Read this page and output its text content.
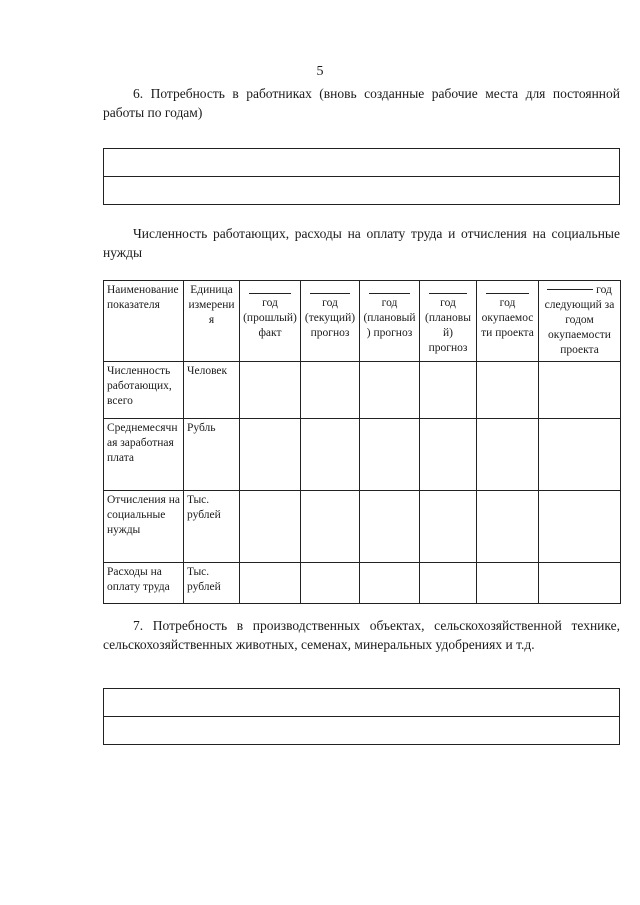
5

6. Потребность в работниках (вновь созданные рабочие места для постоянной работы по годам)

Численность работающих, расходы на оплату труда и отчисления на социальные нужды

Наименование показателя	Единица измерения	год (прошлый) факт	год (текущий) прогноз	год (плановый) прогноз	год (плановый) прогноз	год окупаемости проекта	год следующий за годом окупаемости проекта
Численность работающих, всего	Человек						
Среднемесячная заработная плата	Рубль						
Отчисления на социальные нужды	Тыс. рублей						
Расходы на оплату труда	Тыс. рублей						

7. Потребность в производственных объектах, сельскохозяйственной технике, сельскохозяйственных животных, семенах, минеральных удобрениях и т.д.
